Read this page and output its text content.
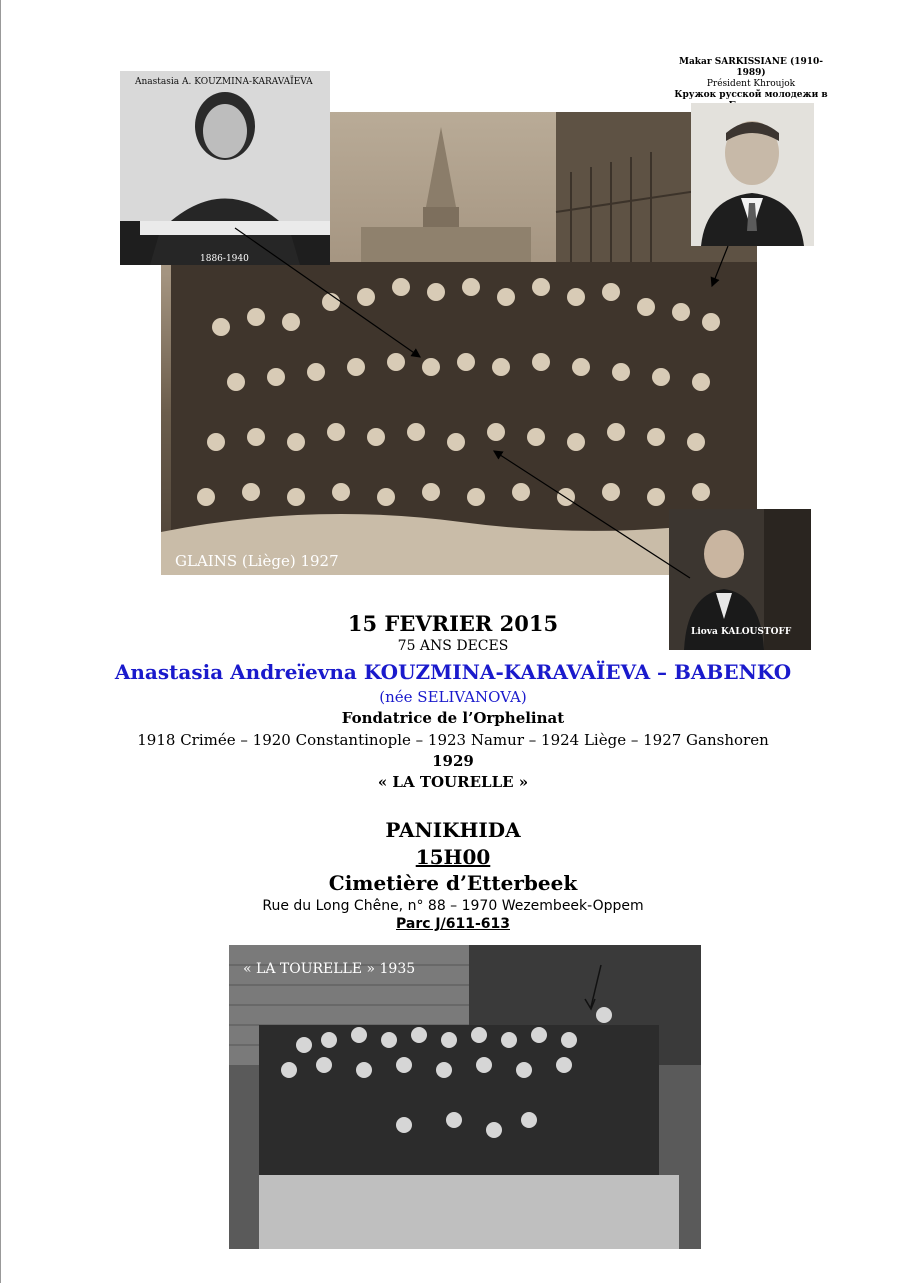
GLAINS (Liège) 1927
Anastasia A. KOUZMINA-KARAVAÏEVA
1886-1940
Makar SARKISSIANE (1910-1989)
Président Khroujok
Кружок русской молодежи в
Liova KALOUSTOFF
15 FEVRIER 2015
75 ANS DECES
Anastasia Andreïevna KOUZMINA-KARAVAÏEVA – BABENKO
(née SELIVANOVA)
Fondatrice de l’Orphelinat
1918 Crimée – 1920 Constantinople – 1923 Namur – 1924 Liège – 1927 Ganshoren
1929
« LA TOURELLE »
PANIKHIDA
15H00
Cimetière d’Etterbeek
Rue du Long Chêne, n° 88 – 1970 Wezembeek-Oppem
Parc J/611-613
« LA TOURELLE » 1935
